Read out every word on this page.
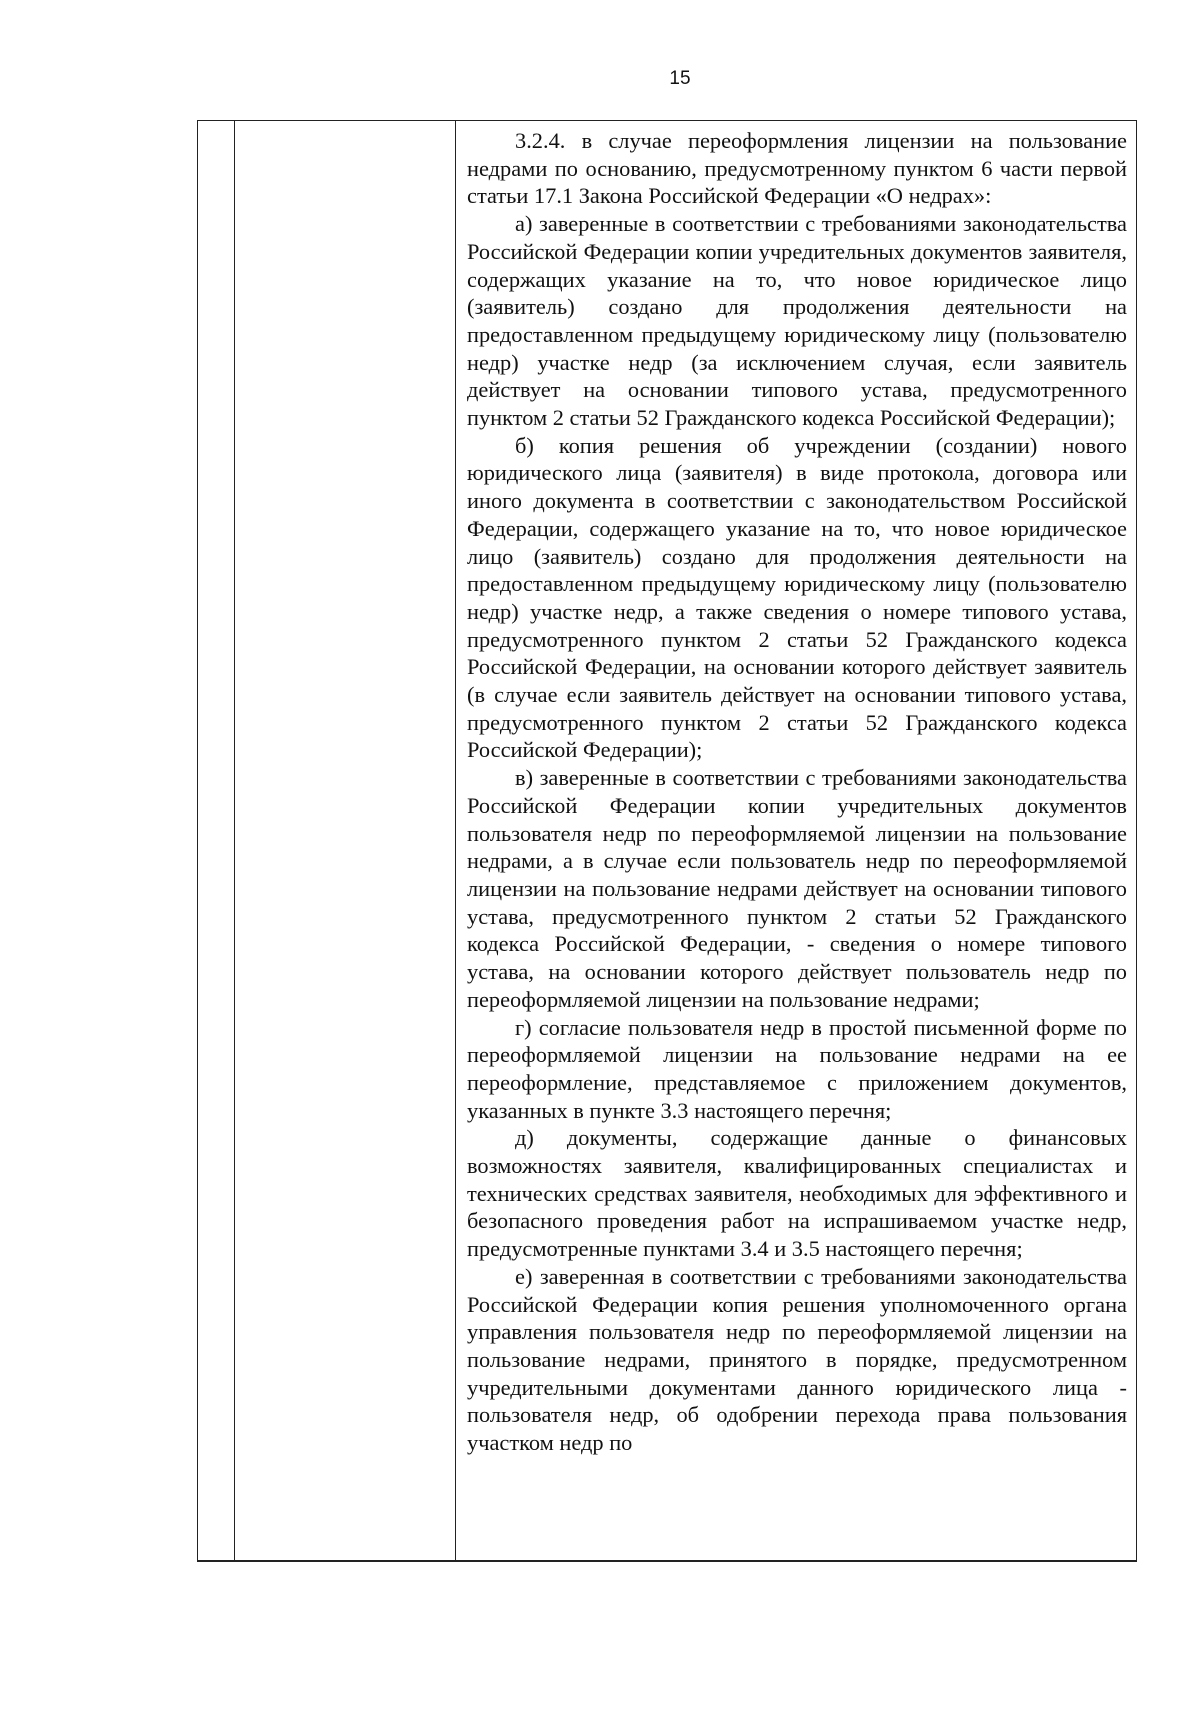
15

3.2.4. в случае переоформления лицензии на пользование недрами по основанию, предусмотренному пунктом 6 части первой статьи 17.1 Закона Российской Федерации «О недрах»:

а) заверенные в соответствии с требованиями законодательства Российской Федерации копии учредительных документов заявителя, содержащих указание на то, что новое юридическое лицо (заявитель) создано для продолжения деятельности на предоставленном предыдущему юридическому лицу (пользователю недр) участке недр (за исключением случая, если заявитель действует на основании типового устава, предусмотренного пунктом 2 статьи 52 Гражданского кодекса Российской Федерации);

б) копия решения об учреждении (создании) нового юридического лица (заявителя) в виде протокола, договора или иного документа в соответствии с законодательством Российской Федерации, содержащего указание на то, что новое юридическое лицо (заявитель) создано для продолжения деятельности на предоставленном предыдущему юридическому лицу (пользователю недр) участке недр, а также сведения о номере типового устава, предусмотренного пунктом 2 статьи 52 Гражданского кодекса Российской Федерации, на основании которого действует заявитель (в случае если заявитель действует на основании типового устава, предусмотренного пунктом 2 статьи 52 Гражданского кодекса Российской Федерации);

в) заверенные в соответствии с требованиями законодательства Российской Федерации копии учредительных документов пользователя недр по переоформляемой лицензии на пользование недрами, а в случае если пользователь недр по переоформляемой лицензии на пользование недрами действует на основании типового устава, предусмотренного пунктом 2 статьи 52 Гражданского кодекса Российской Федерации, - сведения о номере типового устава, на основании которого действует пользователь недр по переоформляемой лицензии на пользование недрами;

г) согласие пользователя недр в простой письменной форме по переоформляемой лицензии на пользование недрами на ее переоформление, представляемое с приложением документов, указанных в пункте 3.3 настоящего перечня;

д) документы, содержащие данные о финансовых возможностях заявителя, квалифицированных специалистах и технических средствах заявителя, необходимых для эффективного и безопасного проведения работ на испрашиваемом участке недр, предусмотренные пунктами 3.4 и 3.5 настоящего перечня;

е) заверенная в соответствии с требованиями законодательства Российской Федерации копия решения уполномоченного органа управления пользователя недр по переоформляемой лицензии на пользование недрами, принятого в порядке, предусмотренном учредительными документами данного юридического лица - пользователя недр, об одобрении перехода права пользования участком недр по
